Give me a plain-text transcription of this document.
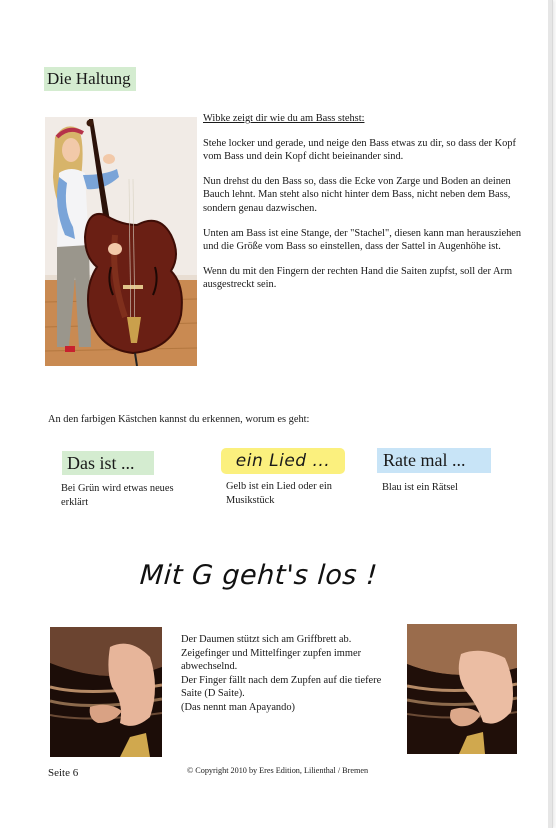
Die Haltung
Wibke zeigt dir wie du am Bass stehst:

Stehe locker und gerade, und neige den Bass etwas zu dir, so dass der Kopf vom Bass und dein Kopf dicht beieinander sind.

Nun drehst du den Bass so, dass die Ecke von Zarge und Boden an deinen Bauch lehnt. Man steht also nicht hinter dem Bass, nicht neben dem Bass, sondern genau dazwischen.

Unten am Bass ist eine Stange, der "Stachel", diesen kann man herausziehen und die Größe vom Bass so einstellen, dass der Sattel in Augenhöhe ist.

Wenn du mit den Fingern der rechten Hand die Saiten zupfst, soll der Arm ausgestreckt sein.

An den farbigen Kästchen kannst du erkennen, worum es geht:
Das ist ...	ein Lied ...	Rate mal ...
Bei Grün wird etwas neues erklärt
Gelb ist ein Lied oder ein Musikstück
Blau ist ein Rätsel
Mit G geht's los !

Der Daumen stützt sich am Griffbrett ab.

Zeigefinger und Mittelfinger zupfen immer abwechselnd.

Der Finger fällt nach dem Zupfen auf die tiefere Saite (D Saite).

(Das nennt man Apayando)

Seite 6	© Copyright 2010 by Eres Edition, Lilienthal / Bremen
